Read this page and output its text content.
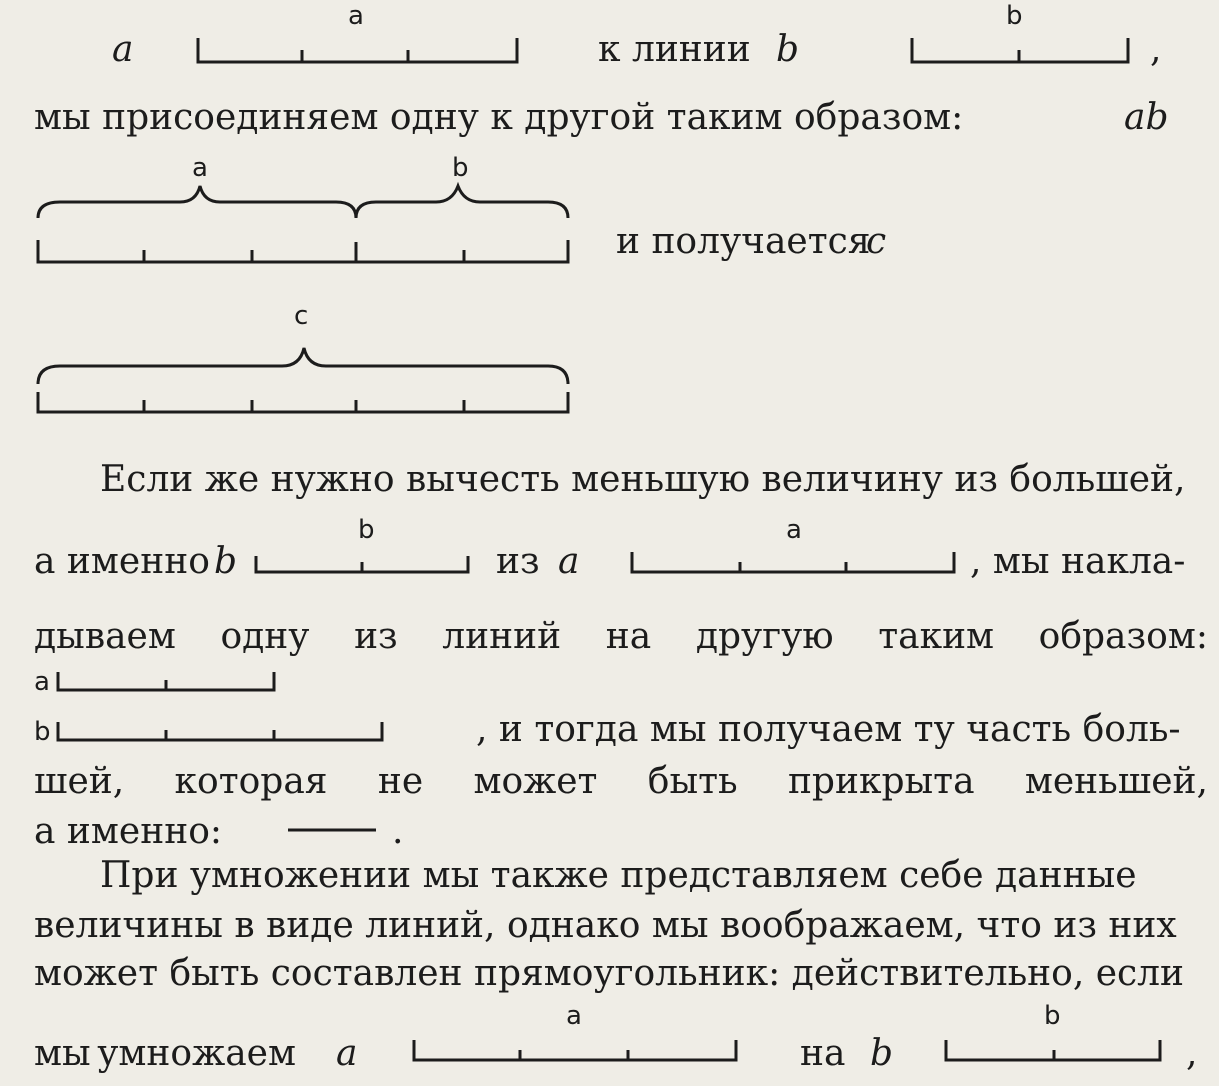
a
a
к линии b
b
,
мы присоединяем одну к другой таким образом:	ab
a	b
и получается
c
c
Если же нужно вычесть меньшую величину из большей,
b	a
а именно b	из a	, мы накла-
дываем одну из линий на другую таким образом:
a
b	, и тогда мы получаем ту часть боль-
шей, которая не может быть прикрыта меньшей,
а именно:	.
При умножении мы также представляем себе данные
величины в виде линий, однако мы воображаем, что из них
может быть составлен прямоугольник: действительно, если
a	b
мы умножаем a	на b	,
